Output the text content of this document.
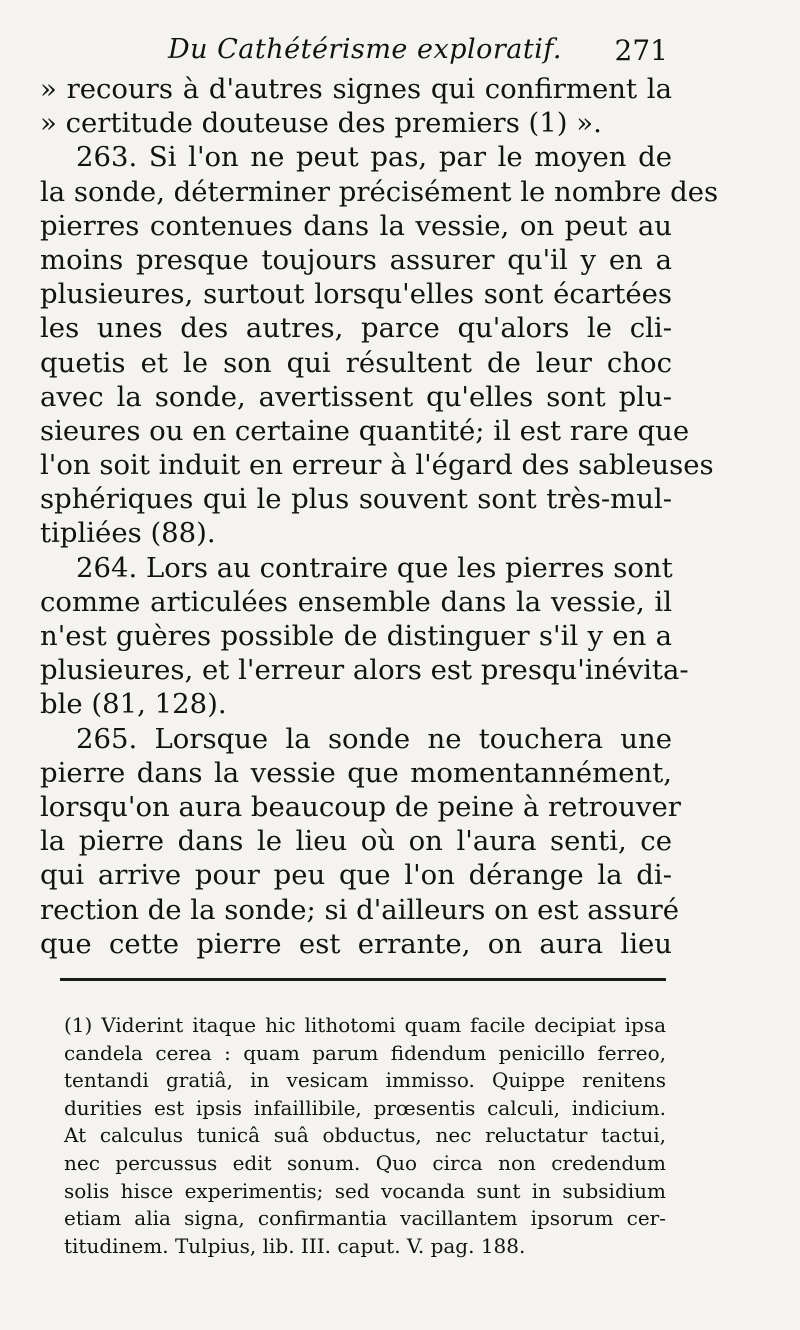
Du Cathétérisme exploratif. 271
» recours à d'autres signes qui confirment la
» certitude douteuse des premiers (1) ».
263. Si l'on ne peut pas, par le moyen de
la sonde, déterminer précisément le nombre des
pierres contenues dans la vessie, on peut au
moins presque toujours assurer qu'il y en a
plusieures, surtout lorsqu'elles sont écartées
les unes des autres, parce qu'alors le cli-
quetis et le son qui résultent de leur choc
avec la sonde, avertissent qu'elles sont plu-
sieures ou en certaine quantité; il est rare que
l'on soit induit en erreur à l'égard des sableuses
sphériques qui le plus souvent sont très-mul-
tipliées (88).
264. Lors au contraire que les pierres sont
comme articulées ensemble dans la vessie, il
n'est guères possible de distinguer s'il y en a
plusieures, et l'erreur alors est presqu'inévita-
ble (81, 128).
265. Lorsque la sonde ne touchera une
pierre dans la vessie que momentannément,
lorsqu'on aura beaucoup de peine à retrouver
la pierre dans le lieu où on l'aura senti, ce
qui arrive pour peu que l'on dérange la di-
rection de la sonde; si d'ailleurs on est assuré
que cette pierre est errante, on aura lieu
(1) Viderint itaque hic lithotomi quam facile decipiat ipsa
candela cerea : quam parum fidendum penicillo ferreo,
tentandi gratiâ, in vesicam immisso. Quippe renitens
durities est ipsis infaillibile, prœsentis calculi, indicium.
At calculus tunicâ suâ obductus, nec reluctatur tactui,
nec percussus edit sonum. Quo circa non credendum
solis hisce experimentis; sed vocanda sunt in subsidium
etiam alia signa, confirmantia vacillantem ipsorum cer-
titudinem. Tulpius, lib. III. caput. V. pag. 188.
